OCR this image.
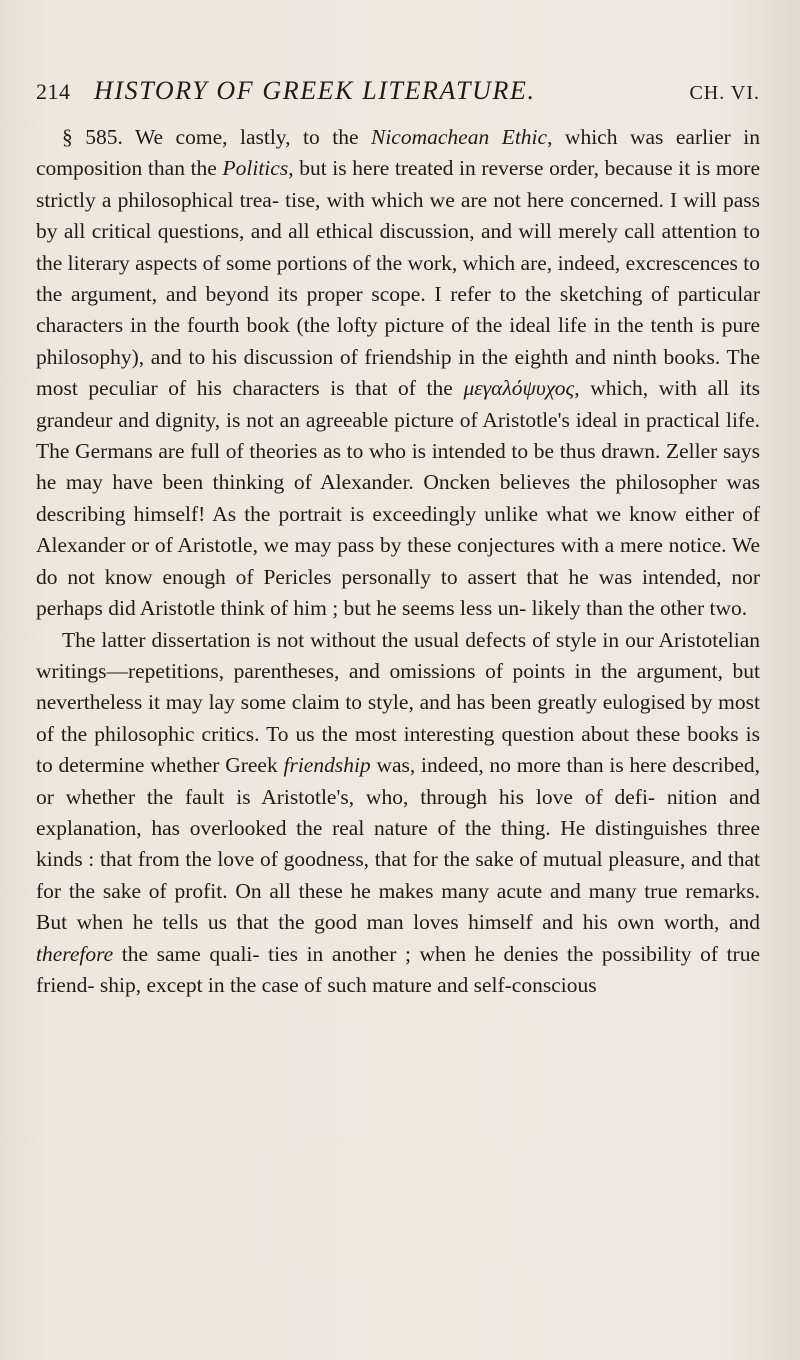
214 HISTORY OF GREEK LITERATURE.	CH. VI.

§ 585. We come, lastly, to the Nicomachean Ethic, which was earlier in composition than the Politics, but is here treated in reverse order, because it is more strictly a philosophical trea- tise, with which we are not here concerned. I will pass by all critical questions, and all ethical discussion, and will merely call attention to the literary aspects of some portions of the work, which are, indeed, excrescences to the argument, and beyond its proper scope. I refer to the sketching of particular characters in the fourth book (the lofty picture of the ideal life in the tenth is pure philosophy), and to his discussion of friendship in the eighth and ninth books. The most peculiar of his characters is that of the μεγαλόψυχος, which, with all its grandeur and dignity, is not an agreeable picture of Aristotle's ideal in practical life. The Germans are full of theories as to who is intended to be thus drawn. Zeller says he may have been thinking of Alexander. Oncken believes the philosopher was describing himself! As the portrait is exceedingly unlike what we know either of Alexander or of Aristotle, we may pass by these conjectures with a mere notice. We do not know enough of Pericles personally to assert that he was intended, nor perhaps did Aristotle think of him ; but he seems less un- likely than the other two.

The latter dissertation is not without the usual defects of style in our Aristotelian writings—repetitions, parentheses, and omissions of points in the argument, but nevertheless it may lay some claim to style, and has been greatly eulogised by most of the philosophic critics. To us the most interesting question about these books is to determine whether Greek friendship was, indeed, no more than is here described, or whether the fault is Aristotle's, who, through his love of defi- nition and explanation, has overlooked the real nature of the thing. He distinguishes three kinds : that from the love of goodness, that for the sake of mutual pleasure, and that for the sake of profit. On all these he makes many acute and many true remarks. But when he tells us that the good man loves himself and his own worth, and therefore the same quali- ties in another ; when he denies the possibility of true friend- ship, except in the case of such mature and self-conscious
